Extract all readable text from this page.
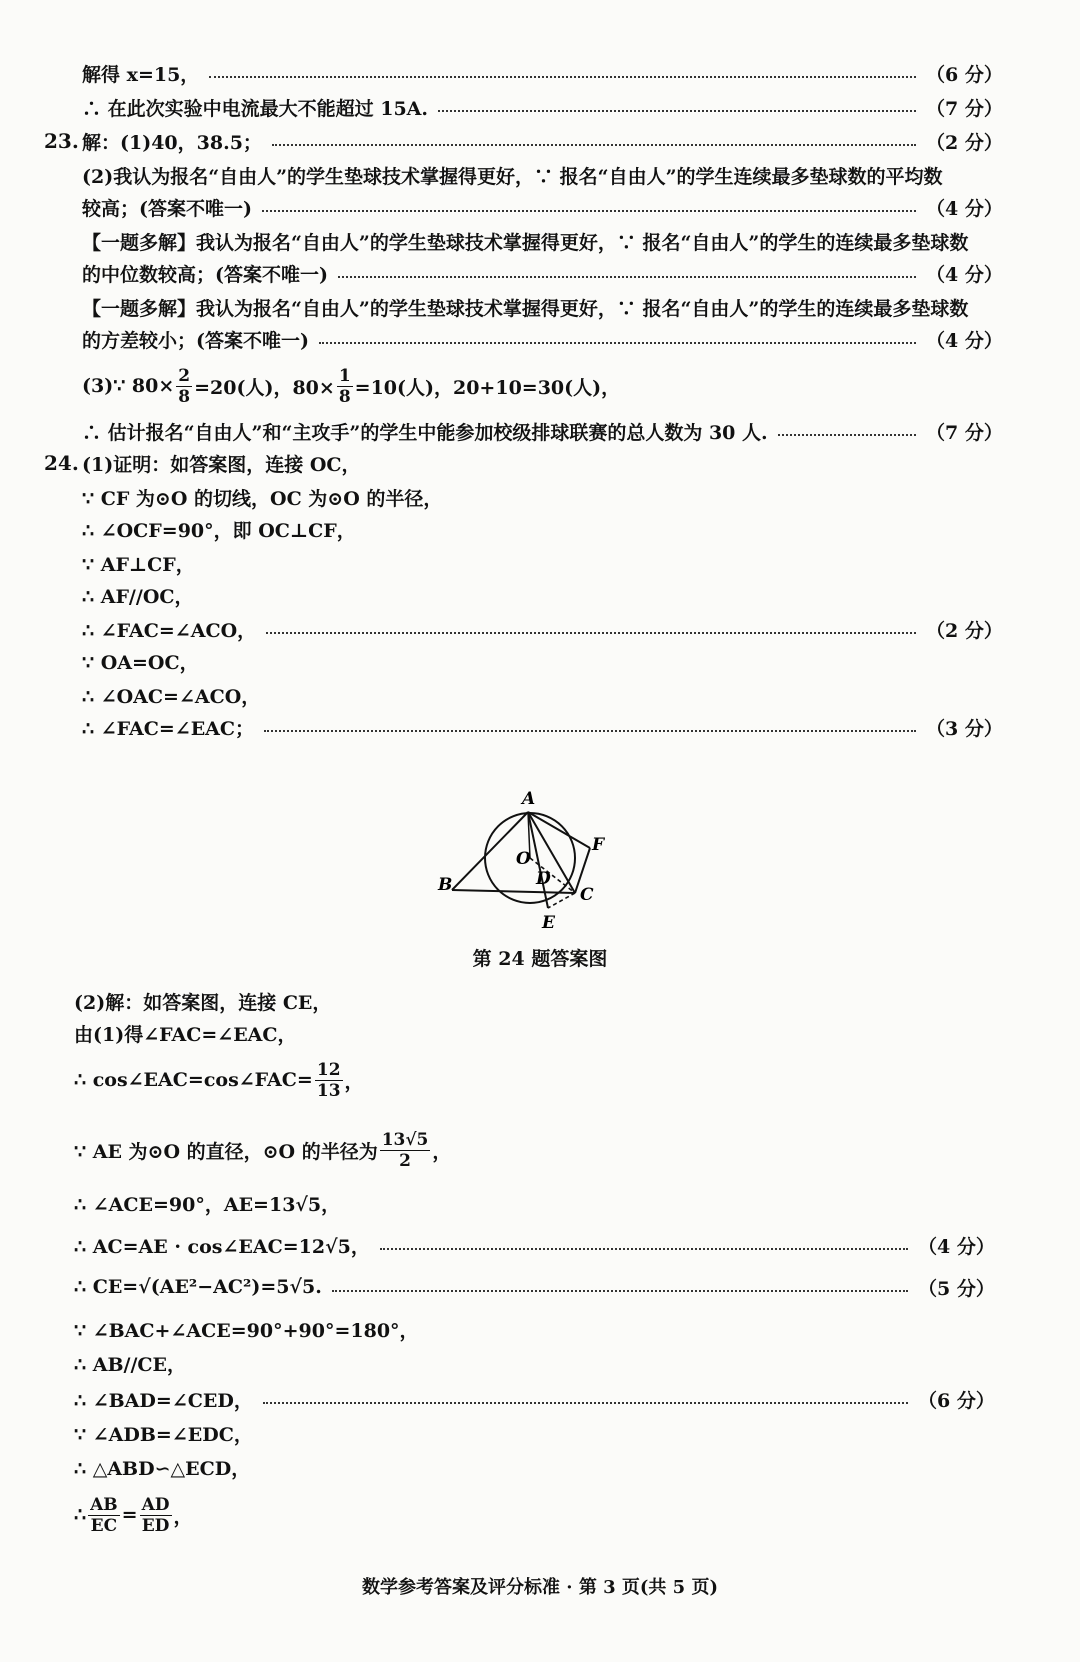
解得 x=15，	（6 分）
∴ 在此次实验中电流最大不能超过 15A.	（7 分）
23. 解：(1)40，38.5；	（2 分）
(2)我认为报名“自由人”的学生垫球技术掌握得更好，∵ 报名“自由人”的学生连续最多垫球数的平均数
较高；(答案不唯一)	（4 分）
【一题多解】我认为报名“自由人”的学生垫球技术掌握得更好，∵ 报名“自由人”的学生的连续最多垫球数
的中位数较高；(答案不唯一)	（4 分）
【一题多解】我认为报名“自由人”的学生垫球技术掌握得更好，∵ 报名“自由人”的学生的连续最多垫球数
的方差较小；(答案不唯一)	（4 分）
(3)∵ $80\times \frac{2}{8} =20$(人)，$80\times \frac{1}{8} =10$(人)，20+10=30(人)，
∴ 估计报名“自由人”和“主攻手”的学生中能参加校级排球联赛的总人数为 30 人.	（7 分）
24. (1)证明：如答案图，连接 OC，
∵ CF 为⊙O 的切线，OC 为⊙O 的半径，
∴ ∠OCF=90°，即 OC⊥CF，
∵ AF⊥CF，
∴ AF//OC，
∴ ∠FAC=∠ACO，	（2 分）
∵ OA=OC，
∴ ∠OAC=∠ACO，
∴ ∠FAC=∠EAC；	（3 分）
A
B	C
D
E
F
O
第 24 题答案图
(2)解：如答案图，连接 CE，
由(1)得∠FAC=∠EAC，
∴ cos∠EAC=cos∠FAC= $\frac{12}{13}$ ，
∵ AE 为⊙O 的直径，⊙O 的半径为 $\frac{13√5}{2}$ ，
∴ ∠ACE=90°，AE=13√5，
∴ AC=AE · cos∠EAC=12√5，	（4 分）
∴ CE=√(AE²−AC²)=5√5.	（5 分）
∵ ∠BAC+∠ACE=90°+90°=180°，
∴ AB//CE，
∴ ∠BAD=∠CED，	（6 分）
∵ ∠ADB=∠EDC，
∴ △ABD∽△ECD，
∴ $\frac{AB}{EC} = \frac{AD}{ED}$ ，
数学参考答案及评分标准 · 第 3 页(共 5 页)
